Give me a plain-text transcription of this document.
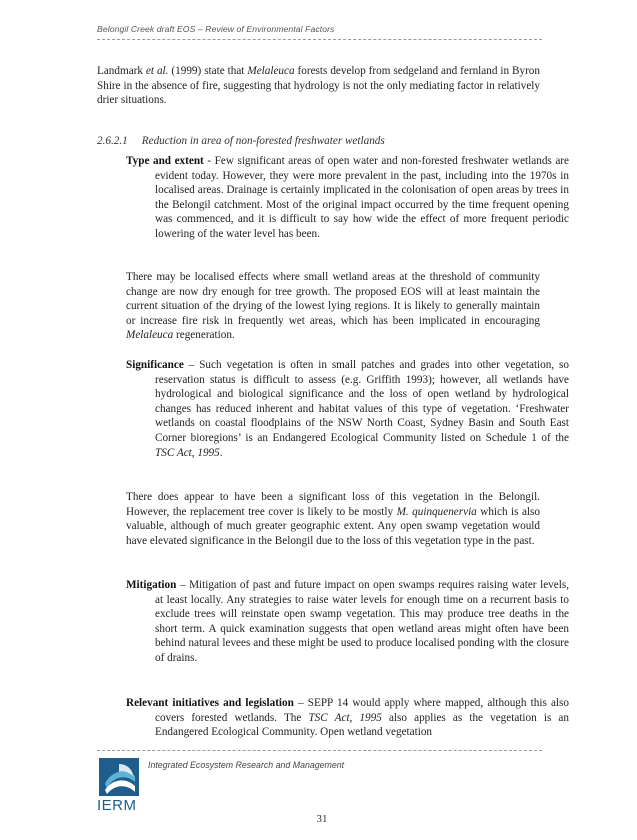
Belongil Creek draft EOS – Review of Environmental Factors

Landmark et al. (1999) state that Melaleuca forests develop from sedgeland and fernland in Byron Shire in the absence of fire, suggesting that hydrology is not the only mediating factor in relatively drier situations.

2.6.2.1 Reduction in area of non-forested freshwater wetlands

Type and extent - Few significant areas of open water and non-forested freshwater wetlands are evident today. However, they were more prevalent in the past, including into the 1970s in localised areas. Drainage is certainly implicated in the colonisation of open areas by trees in the Belongil catchment. Most of the original impact occurred by the time frequent opening was commenced, and it is difficult to say how wide the effect of more frequent periodic lowering of the water level has been.

There may be localised effects where small wetland areas at the threshold of community change are now dry enough for tree growth. The proposed EOS will at least maintain the current situation of the drying of the lowest lying regions. It is likely to generally maintain or increase fire risk in frequently wet areas, which has been implicated in encouraging Melaleuca regeneration.

Significance – Such vegetation is often in small patches and grades into other vegetation, so reservation status is difficult to assess (e.g. Griffith 1993); however, all wetlands have hydrological and biological significance and the loss of open wetland by hydrological changes has reduced inherent and habitat values of this type of vegetation. ‘Freshwater wetlands on coastal floodplains of the NSW North Coast, Sydney Basin and South East Corner bioregions’ is an Endangered Ecological Community listed on Schedule 1 of the TSC Act, 1995.

There does appear to have been a significant loss of this vegetation in the Belongil. However, the replacement tree cover is likely to be mostly M. quinquenervia which is also valuable, although of much greater geographic extent. Any open swamp vegetation would have elevated significance in the Belongil due to the loss of this vegetation type in the past.

Mitigation – Mitigation of past and future impact on open swamps requires raising water levels, at least locally. Any strategies to raise water levels for enough time on a recurrent basis to exclude trees will reinstate open swamp vegetation. This may produce tree deaths in the short term. A quick examination suggests that open wetland areas might often have been behind natural levees and these might be used to produce localised ponding with the closure of drains.

Relevant initiatives and legislation – SEPP 14 would apply where mapped, although this also covers forested wetlands. The TSC Act, 1995 also applies as the vegetation is an Endangered Ecological Community. Open wetland vegetation

IERM
Integrated Ecosystem Research and Management
31
